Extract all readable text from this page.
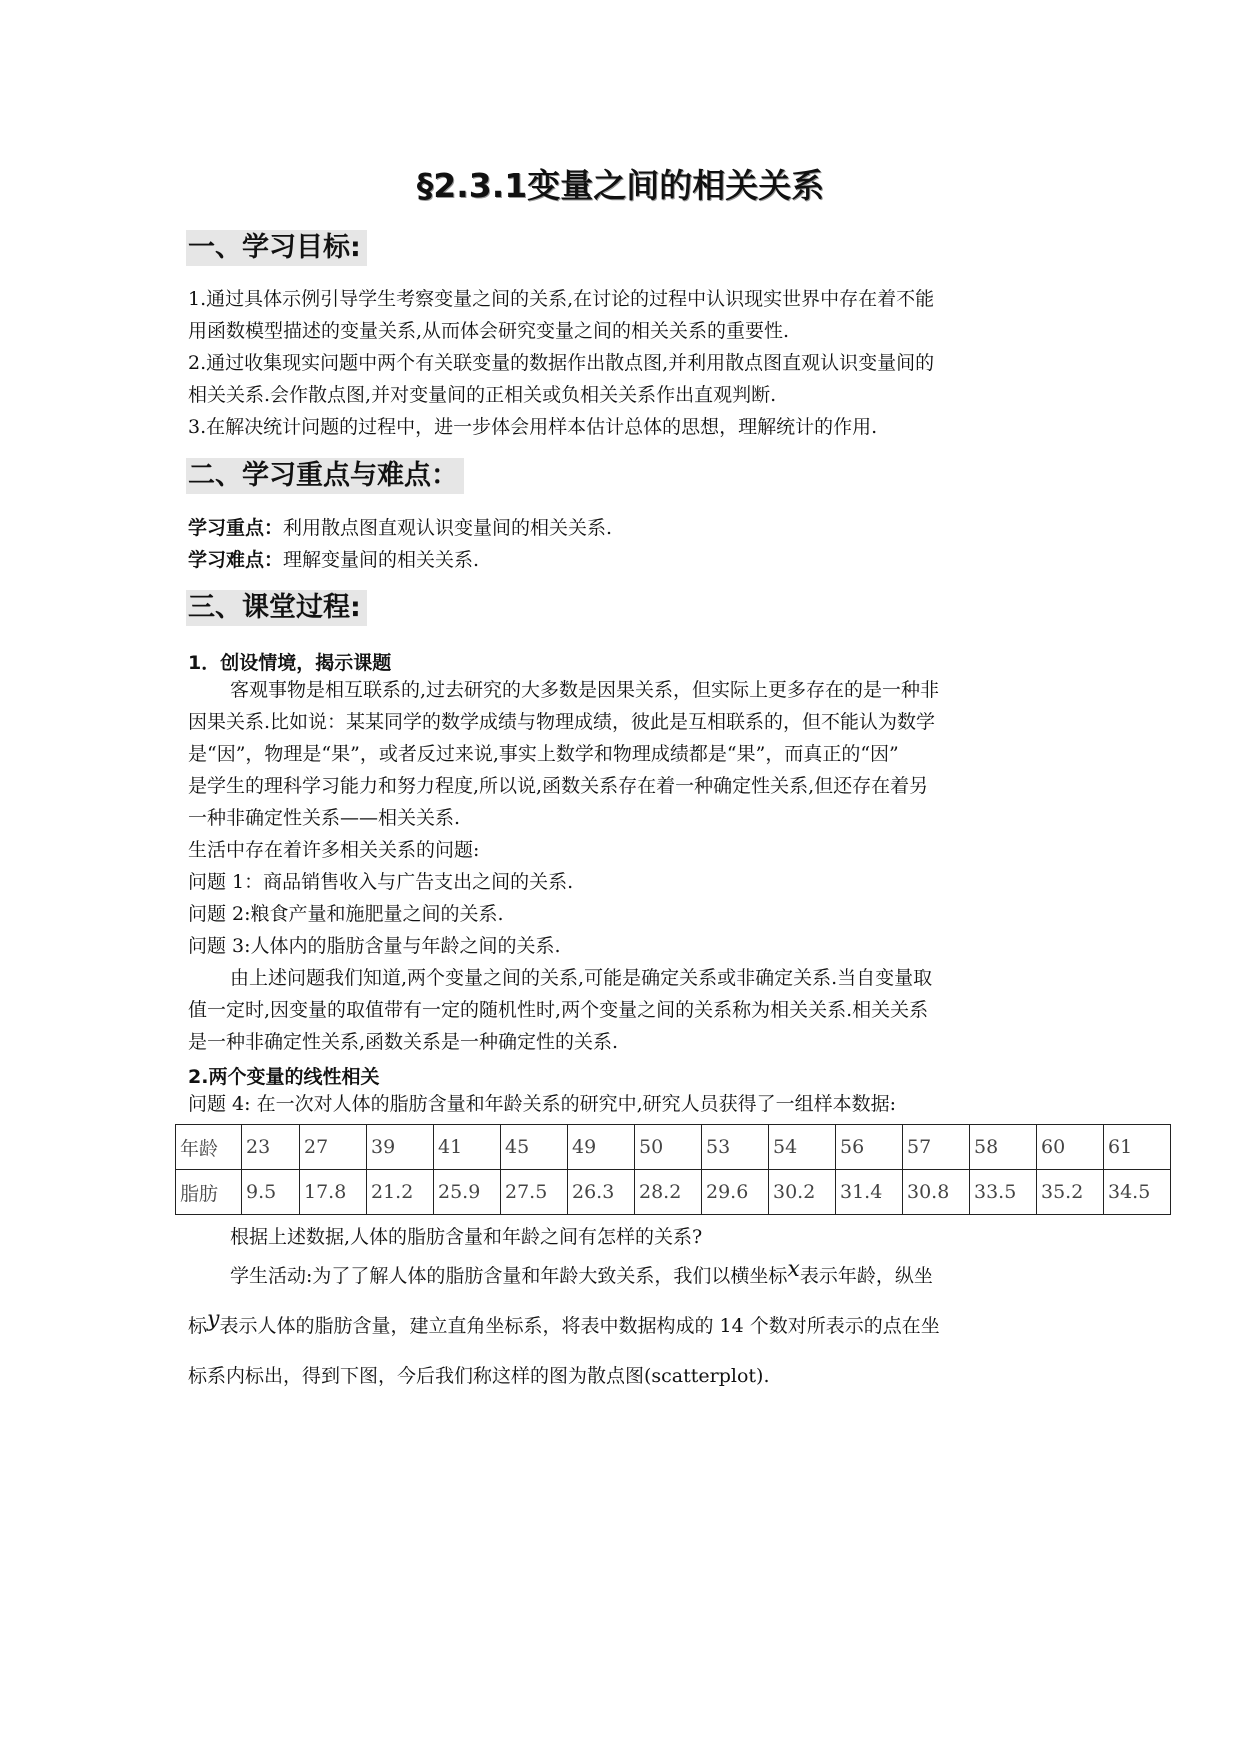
§2.3.1变量之间的相关关系
一、学习目标:
1.通过具体示例引导学生考察变量之间的关系,在讨论的过程中认识现实世界中存在着不能
用函数模型描述的变量关系,从而体会研究变量之间的相关关系的重要性.
2.通过收集现实问题中两个有关联变量的数据作出散点图,并利用散点图直观认识变量间的
相关关系.会作散点图,并对变量间的正相关或负相关关系作出直观判断.
3.在解决统计问题的过程中，进一步体会用样本估计总体的思想，理解统计的作用.
二、学习重点与难点：
学习重点：利用散点图直观认识变量间的相关关系.
学习难点：理解变量间的相关关系.
三、课堂过程:
1．创设情境，揭示课题
客观事物是相互联系的,过去研究的大多数是因果关系，但实际上更多存在的是一种非
因果关系.比如说：某某同学的数学成绩与物理成绩，彼此是互相联系的，但不能认为数学
是“因”，物理是“果”，或者反过来说,事实上数学和物理成绩都是“果”，而真正的“因”
是学生的理科学习能力和努力程度,所以说,函数关系存在着一种确定性关系,但还存在着另
一种非确定性关系——相关关系.
生活中存在着许多相关关系的问题:
问题 1：商品销售收入与广告支出之间的关系.
问题 2:粮食产量和施肥量之间的关系.
问题 3:人体内的脂肪含量与年龄之间的关系.
由上述问题我们知道,两个变量之间的关系,可能是确定关系或非确定关系.当自变量取
值一定时,因变量的取值带有一定的随机性时,两个变量之间的关系称为相关关系.相关关系
是一种非确定性关系,函数关系是一种确定性的关系.
2.两个变量的线性相关
问题 4: 在一次对人体的脂肪含量和年龄关系的研究中,研究人员获得了一组样本数据:
年龄	23	27	39	41	45	49	50	53	54	56	57	58	60	61
脂肪	9.5	17.8	21.2	25.9	27.5	26.3	28.2	29.6	30.2	31.4	30.8	33.5	35.2	34.5
根据上述数据,人体的脂肪含量和年龄之间有怎样的关系?
学生活动:为了了解人体的脂肪含量和年龄大致关系，我们以横坐标x表示年龄，纵坐
标y表示人体的脂肪含量，建立直角坐标系，将表中数据构成的 14 个数对所表示的点在坐
标系内标出，得到下图，今后我们称这样的图为散点图(scatterplot).
